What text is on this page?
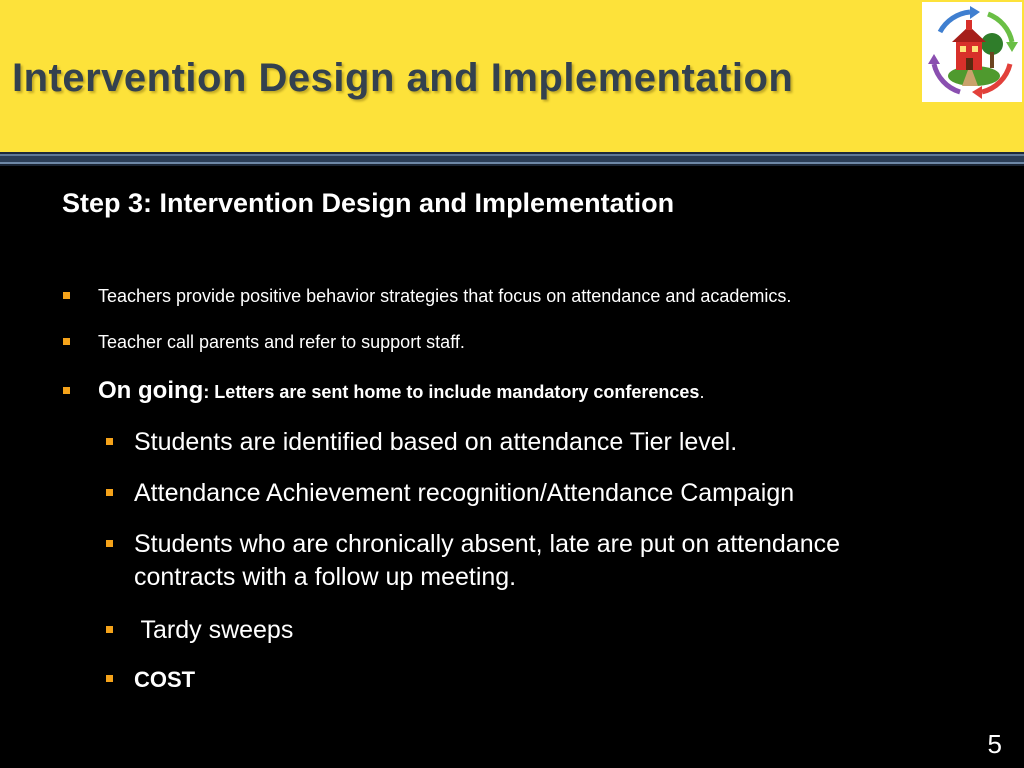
Intervention Design and Implementation
Step 3: Intervention Design and Implementation
Teachers provide positive behavior strategies that focus on attendance and academics.
Teacher call parents and refer to support staff.
On going: Letters are sent home to include mandatory conferences.
Students are identified based on attendance Tier level.
Attendance Achievement recognition/Attendance Campaign
Students who are chronically absent, late are put on attendance
contracts with a follow up meeting.
Tardy sweeps
COST
5
